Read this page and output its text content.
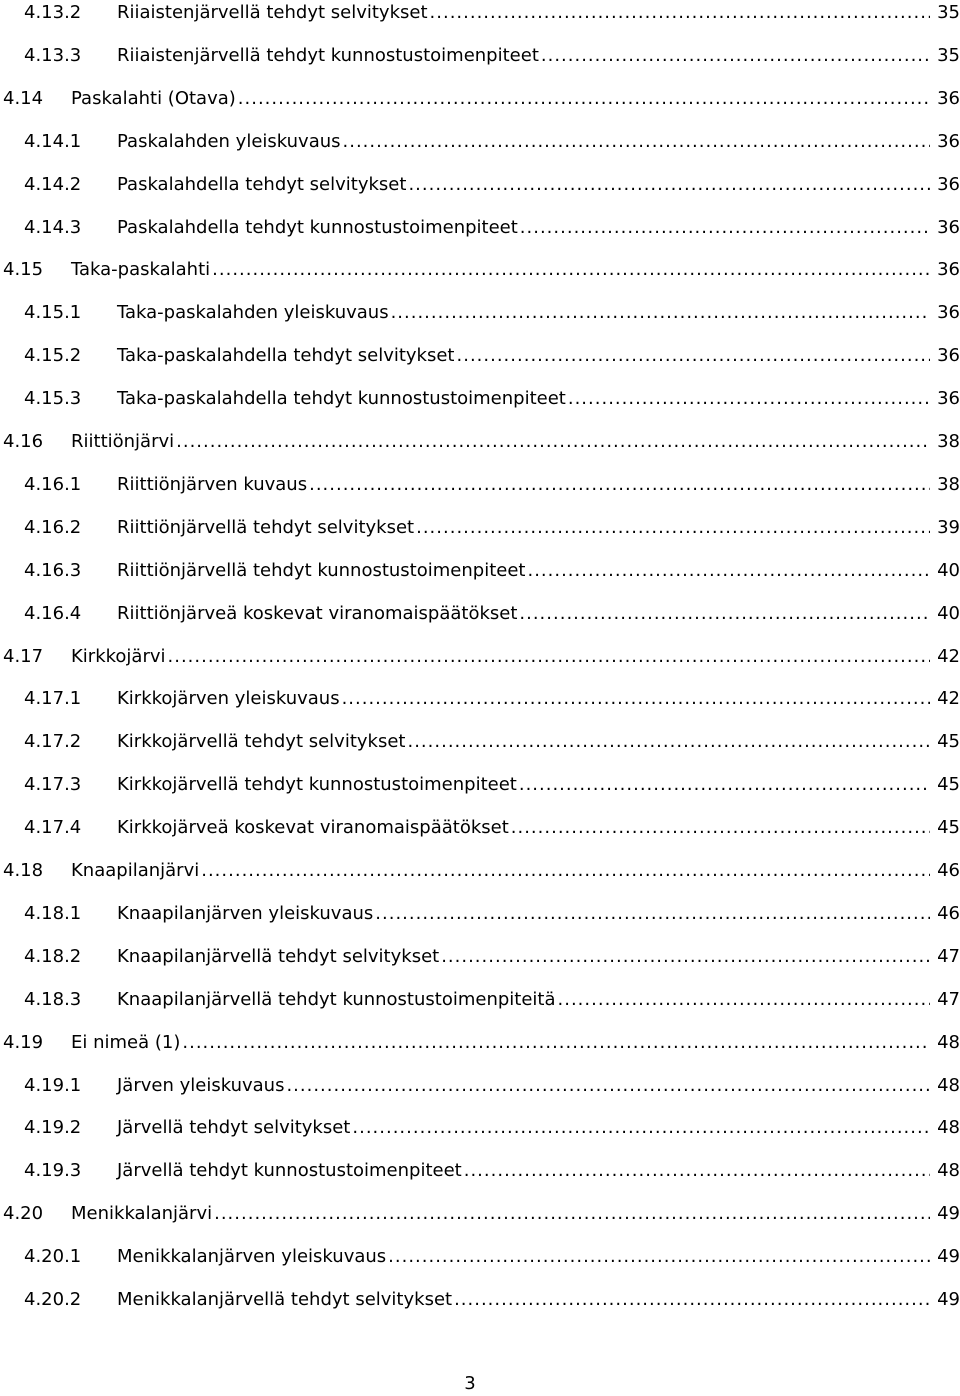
4.13.2	Riiaistenjärvellä tehdyt selvitykset .....	35
4.13.3	Riiaistenjärvellä tehdyt kunnostustoimenpiteet .....	35
4.14	Paskalahti (Otava) .....	36
4.14.1	Paskalahden yleiskuvaus .....	36
4.14.2	Paskalahdella tehdyt selvitykset .....	36
4.14.3	Paskalahdella tehdyt kunnostustoimenpiteet .....	36
4.15	Taka-paskalahti .....	36
4.15.1	Taka-paskalahden yleiskuvaus .....	36
4.15.2	Taka-paskalahdella tehdyt selvitykset .....	36
4.15.3	Taka-paskalahdella tehdyt kunnostustoimenpiteet .....	36
4.16	Riittiönjärvi .....	38
4.16.1	Riittiönjärven kuvaus .....	38
4.16.2	Riittiönjärvellä tehdyt selvitykset .....	39
4.16.3	Riittiönjärvellä tehdyt kunnostustoimenpiteet .....	40
4.16.4	Riittiönjärveä koskevat viranomaispäätökset .....	40
4.17	Kirkkojärvi .....	42
4.17.1	Kirkkojärven yleiskuvaus .....	42
4.17.2	Kirkkojärvellä tehdyt selvitykset .....	45
4.17.3	Kirkkojärvellä tehdyt kunnostustoimenpiteet .....	45
4.17.4	Kirkkojärveä koskevat viranomaispäätökset .....	45
4.18	Knaapilanjärvi .....	46
4.18.1	Knaapilanjärven yleiskuvaus .....	46
4.18.2	Knaapilanjärvellä tehdyt selvitykset .....	47
4.18.3	Knaapilanjärvellä tehdyt kunnostustoimenpiteitä .....	47
4.19	Ei nimeä (1) .....	48
4.19.1	Järven yleiskuvaus .....	48
4.19.2	Järvellä tehdyt selvitykset .....	48
4.19.3	Järvellä tehdyt kunnostustoimenpiteet .....	48
4.20	Menikkalanjärvi .....	49
4.20.1	Menikkalanjärven yleiskuvaus .....	49
4.20.2	Menikkalanjärvellä tehdyt selvitykset .....	49
3
